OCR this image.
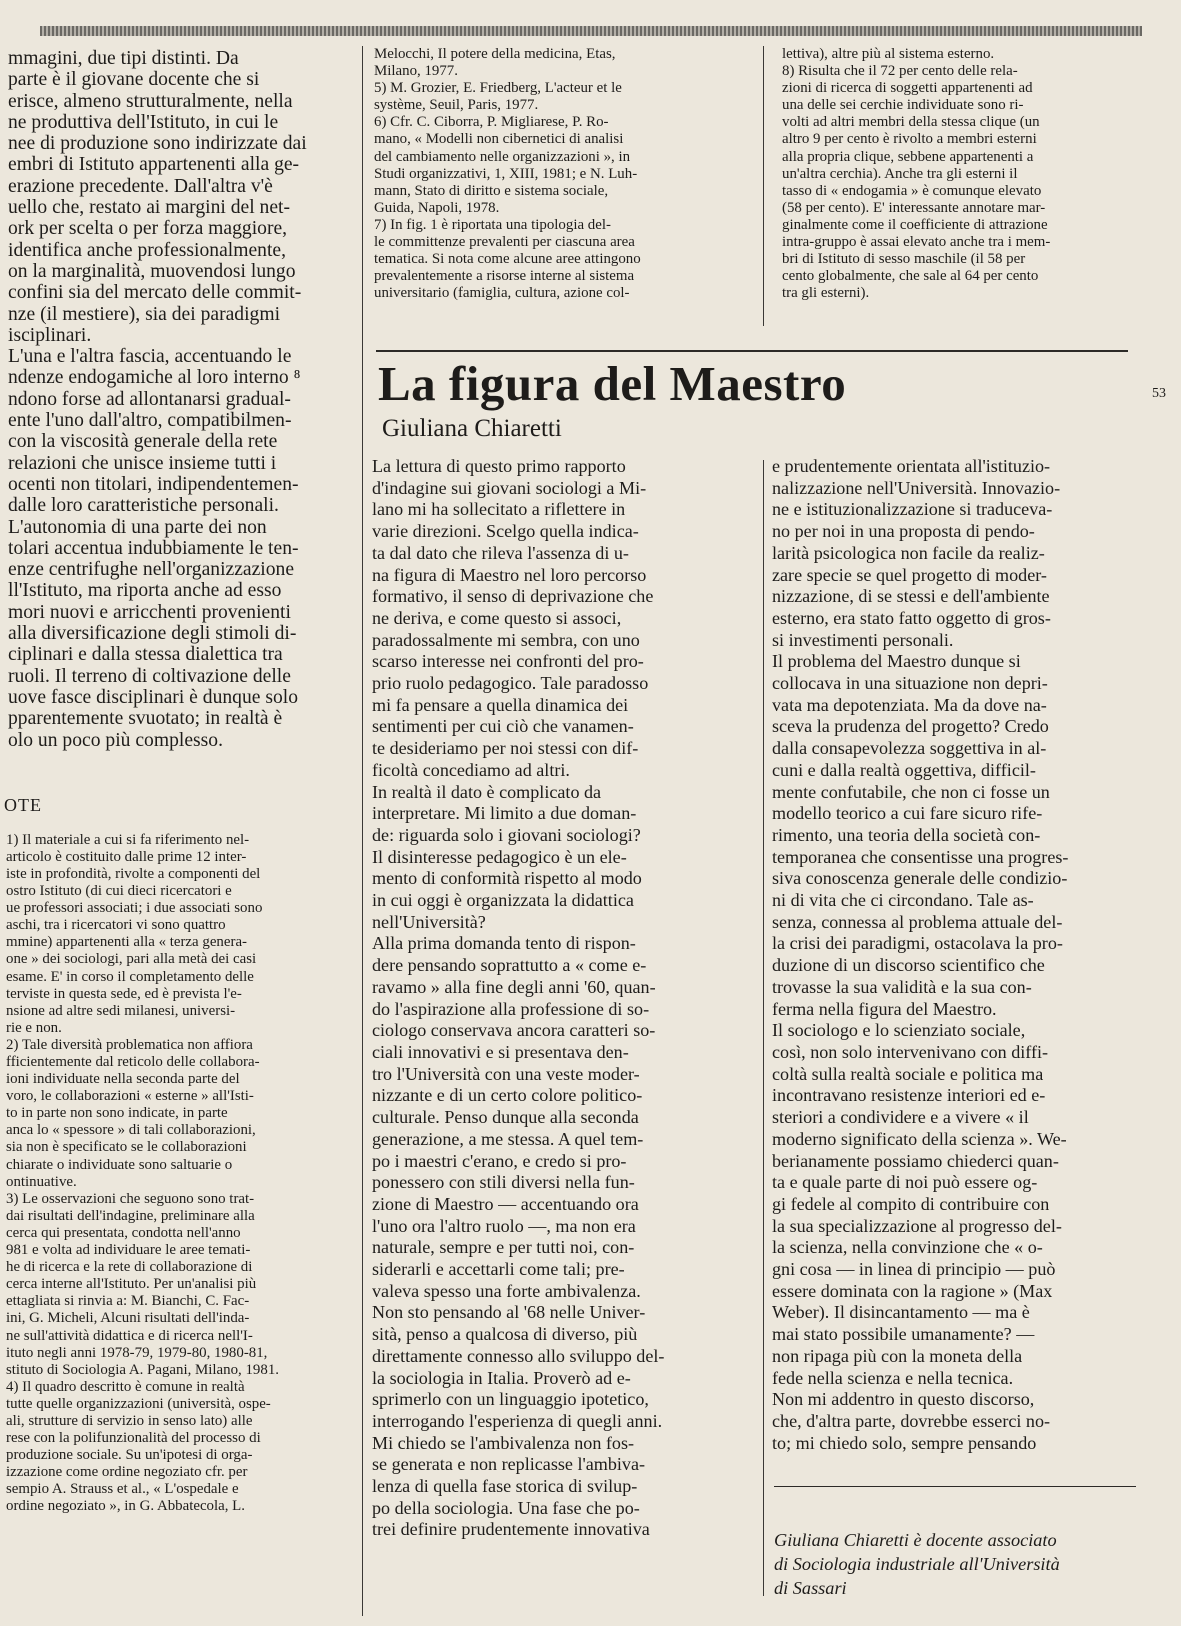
mmagini, due tipi distinti. Da
parte è il giovane docente che si
erisce, almeno strutturalmente, nella
ne produttiva dell'Istituto, in cui le
nee di produzione sono indirizzate dai
embri di Istituto appartenenti alla ge-
erazione precedente. Dall'altra v'è
uello che, restato ai margini del net-
ork per scelta o per forza maggiore,
identifica anche professionalmente,
on la marginalità, muovendosi lungo
confini sia del mercato delle commit-
nze (il mestiere), sia dei paradigmi
isciplinari.
L'una e l'altra fascia, accentuando le
ndenze endogamiche al loro interno ⁸
ndono forse ad allontanarsi gradual-
ente l'uno dall'altro, compatibilmen-
con la viscosità generale della rete
relazioni che unisce insieme tutti i
ocenti non titolari, indipendentemen-
dalle loro caratteristiche personali.
L'autonomia di una parte dei non
tolari accentua indubbiamente le ten-
enze centrifughe nell'organizzazione
ll'Istituto, ma riporta anche ad esso
mori nuovi e arricchenti provenienti
alla diversificazione degli stimoli di-
ciplinari e dalla stessa dialettica tra
ruoli. Il terreno di coltivazione delle
uove fasce disciplinari è dunque solo
pparentemente svuotato; in realtà è
olo un poco più complesso.

OTE

1) Il materiale a cui si fa riferimento nel-
articolo è costituito dalle prime 12 inter-
iste in profondità, rivolte a componenti del
ostro Istituto (di cui dieci ricercatori e
ue professori associati; i due associati sono
aschi, tra i ricercatori vi sono quattro
mmine) appartenenti alla « terza genera-
one » dei sociologi, pari alla metà dei casi
esame. E' in corso il completamento delle
terviste in questa sede, ed è prevista l'e-
nsione ad altre sedi milanesi, universi-
rie e non.
2) Tale diversità problematica non affiora
fficientemente dal reticolo delle collabora-
ioni individuate nella seconda parte del
voro, le collaborazioni « esterne » all'Isti-
to in parte non sono indicate, in parte
anca lo « spessore » di tali collaborazioni,
sia non è specificato se le collaborazioni
chiarate o individuate sono saltuarie o
ontinuative.
3) Le osservazioni che seguono sono trat-
dai risultati dell'indagine, preliminare alla
cerca qui presentata, condotta nell'anno
981 e volta ad individuare le aree temati-
he di ricerca e la rete di collaborazione di
cerca interne all'Istituto. Per un'analisi più
ettagliata si rinvia a: M. Bianchi, C. Fac-
ini, G. Micheli, Alcuni risultati dell'inda-
ne sull'attività didattica e di ricerca nell'I-
ituto negli anni 1978-79, 1979-80, 1980-81,
stituto di Sociologia A. Pagani, Milano, 1981.
4) Il quadro descritto è comune in realtà
tutte quelle organizzazioni (università, ospe-
ali, strutture di servizio in senso lato) alle
rese con la polifunzionalità del processo di
produzione sociale. Su un'ipotesi di orga-
izzazione come ordine negoziato cfr. per
sempio A. Strauss et al., « L'ospedale e
ordine negoziato », in G. Abbatecola, L.

Melocchi, Il potere della medicina, Etas,
Milano, 1977.
5) M. Grozier, E. Friedberg, L'acteur et le
système, Seuil, Paris, 1977.
6) Cfr. C. Ciborra, P. Migliarese, P. Ro-
mano, « Modelli non cibernetici di analisi
del cambiamento nelle organizzazioni », in
Studi organizzativi, 1, XIII, 1981; e N. Luh-
mann, Stato di diritto e sistema sociale,
Guida, Napoli, 1978.
7) In fig. 1 è riportata una tipologia del-
le committenze prevalenti per ciascuna area
tematica. Si nota come alcune aree attingono
prevalentemente a risorse interne al sistema
universitario (famiglia, cultura, azione col-

lettiva), altre più al sistema esterno.
8) Risulta che il 72 per cento delle rela-
zioni di ricerca di soggetti appartenenti ad
una delle sei cerchie individuate sono ri-
volti ad altri membri della stessa clique (un
altro 9 per cento è rivolto a membri esterni
alla propria clique, sebbene appartenenti a
un'altra cerchia). Anche tra gli esterni il
tasso di « endogamia » è comunque elevato
(58 per cento). E' interessante annotare mar-
ginalmente come il coefficiente di attrazione
intra-gruppo è assai elevato anche tra i mem-
bri di Istituto di sesso maschile (il 58 per
cento globalmente, che sale al 64 per cento
tra gli esterni).

53
La figura del Maestro
Giuliana Chiaretti

La lettura di questo primo rapporto
d'indagine sui giovani sociologi a Mi-
lano mi ha sollecitato a riflettere in
varie direzioni. Scelgo quella indica-
ta dal dato che rileva l'assenza di u-
na figura di Maestro nel loro percorso
formativo, il senso di deprivazione che
ne deriva, e come questo si associ,
paradossalmente mi sembra, con uno
scarso interesse nei confronti del pro-
prio ruolo pedagogico. Tale paradosso
mi fa pensare a quella dinamica dei
sentimenti per cui ciò che vanamen-
te desideriamo per noi stessi con dif-
ficoltà concediamo ad altri.
In realtà il dato è complicato da
interpretare. Mi limito a due doman-
de: riguarda solo i giovani sociologi?
Il disinteresse pedagogico è un ele-
mento di conformità rispetto al modo
in cui oggi è organizzata la didattica
nell'Università?
Alla prima domanda tento di rispon-
dere pensando soprattutto a « come e-
ravamo » alla fine degli anni '60, quan-
do l'aspirazione alla professione di so-
ciologo conservava ancora caratteri so-
ciali innovativi e si presentava den-
tro l'Università con una veste moder-
nizzante e di un certo colore politico-
culturale. Penso dunque alla seconda
generazione, a me stessa. A quel tem-
po i maestri c'erano, e credo si pro-
ponessero con stili diversi nella fun-
zione di Maestro — accentuando ora
l'uno ora l'altro ruolo —, ma non era
naturale, sempre e per tutti noi, con-
siderarli e accettarli come tali; pre-
valeva spesso una forte ambivalenza.
Non sto pensando al '68 nelle Univer-
sità, penso a qualcosa di diverso, più
direttamente connesso allo sviluppo del-
la sociologia in Italia. Proverò ad e-
sprimerlo con un linguaggio ipotetico,
interrogando l'esperienza di quegli anni.
Mi chiedo se l'ambivalenza non fos-
se generata e non replicasse l'ambiva-
lenza di quella fase storica di svilup-
po della sociologia. Una fase che po-
trei definire prudentemente innovativa

e prudentemente orientata all'istituzio-
nalizzazione nell'Università. Innovazio-
ne e istituzionalizzazione si traduceva-
no per noi in una proposta di pendo-
larità psicologica non facile da realiz-
zare specie se quel progetto di moder-
nizzazione, di se stessi e dell'ambiente
esterno, era stato fatto oggetto di gros-
si investimenti personali.
Il problema del Maestro dunque si
collocava in una situazione non depri-
vata ma depotenziata. Ma da dove na-
sceva la prudenza del progetto? Credo
dalla consapevolezza soggettiva in al-
cuni e dalla realtà oggettiva, difficil-
mente confutabile, che non ci fosse un
modello teorico a cui fare sicuro rife-
rimento, una teoria della società con-
temporanea che consentisse una progres-
siva conoscenza generale delle condizio-
ni di vita che ci circondano. Tale as-
senza, connessa al problema attuale del-
la crisi dei paradigmi, ostacolava la pro-
duzione di un discorso scientifico che
trovasse la sua validità e la sua con-
ferma nella figura del Maestro.
Il sociologo e lo scienziato sociale,
così, non solo intervenivano con diffi-
coltà sulla realtà sociale e politica ma
incontravano resistenze interiori ed e-
steriori a condividere e a vivere « il
moderno significato della scienza ». We-
berianamente possiamo chiederci quan-
ta e quale parte di noi può essere og-
gi fedele al compito di contribuire con
la sua specializzazione al progresso del-
la scienza, nella convinzione che « o-
gni cosa — in linea di principio — può
essere dominata con la ragione » (Max
Weber). Il disincantamento — ma è
mai stato possibile umanamente? —
non ripaga più con la moneta della
fede nella scienza e nella tecnica.
Non mi addentro in questo discorso,
che, d'altra parte, dovrebbe esserci no-
to; mi chiedo solo, sempre pensando

Giuliana Chiaretti è docente associato
di Sociologia industriale all'Università
di Sassari
